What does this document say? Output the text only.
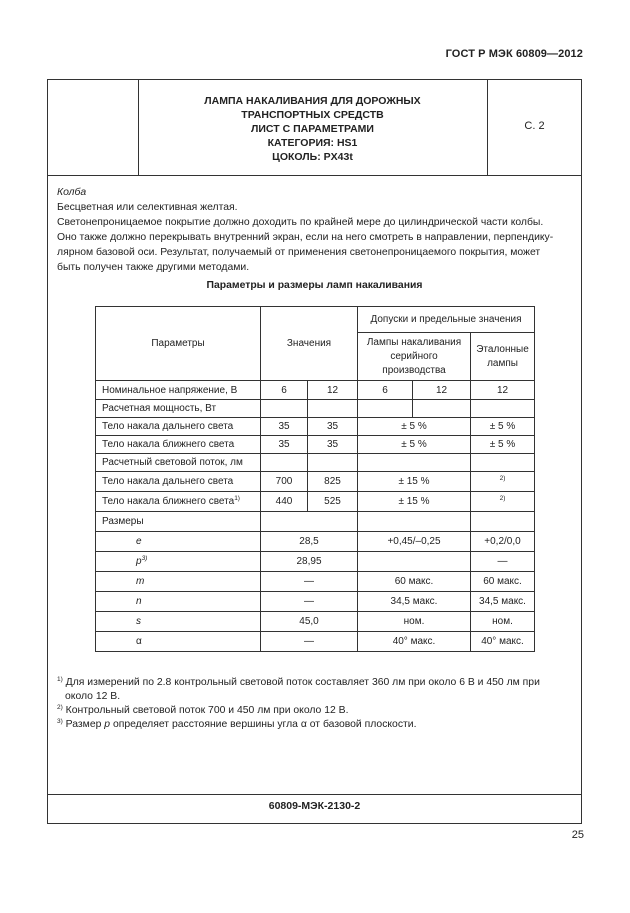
ГОСТ Р МЭК 60809—2012
ЛАМПА НАКАЛИВАНИЯ ДЛЯ ДОРОЖНЫХ
ТРАНСПОРТНЫХ СРЕДСТВ
ЛИСТ С ПАРАМЕТРАМИ
КАТЕГОРИЯ: HS1
ЦОКОЛЬ: PX43t
С. 2

Колба

Бесцветная или селективная желтая.

Светонепроницаемое покрытие должно доходить по крайней мере до цилиндрической части колбы.

Оно также должно перекрывать внутренний экран, если на него смотреть в направлении, перпендику-

лярном базовой оси. Результат, получаемый от применения светонепроницаемого покрытия, может

быть получен также другими методами.

Параметры и размеры ламп накаливания
Параметры	Значения		Допуски и предельные значения		
			Лампы накаливания серийного производства		Эталонные лампы
Номинальное напряжение, В	6	12	6	12	12
Расчетная мощность, Вт					
Тело накала дальнего света	35	35	± 5 %		± 5 %
Тело накала ближнего света	35	35	± 5 %		± 5 %
Расчетный световой поток, лм					
Тело накала дальнего света	700	825	± 15 %		$^{2)}$
Тело накала ближнего света$^{1)}$	440	525	± 15 %		$^{2)}$
Размеры					
e	28,5		+0,45/–0,25		+0,2/0,0
$p^{3)}$	28,95				—
m	—		60 макс.		60 макс.
n	—		34,5 макс.		34,5 макс.
s	45,0		ном.		ном.
α	—		40° макс.		40° макс.

$^{1)}$ Для измерений по 2.8 контрольный световой поток составляет 360 лм при около 6 В и 450 лм при

около 12 В.

$^{2)}$ Контрольный световой поток 700 и 450 лм при около 12 В.

$^{3)}$ Размер p определяет расстояние вершины угла α от базовой плоскости.

60809-МЭК-2130-2
25
